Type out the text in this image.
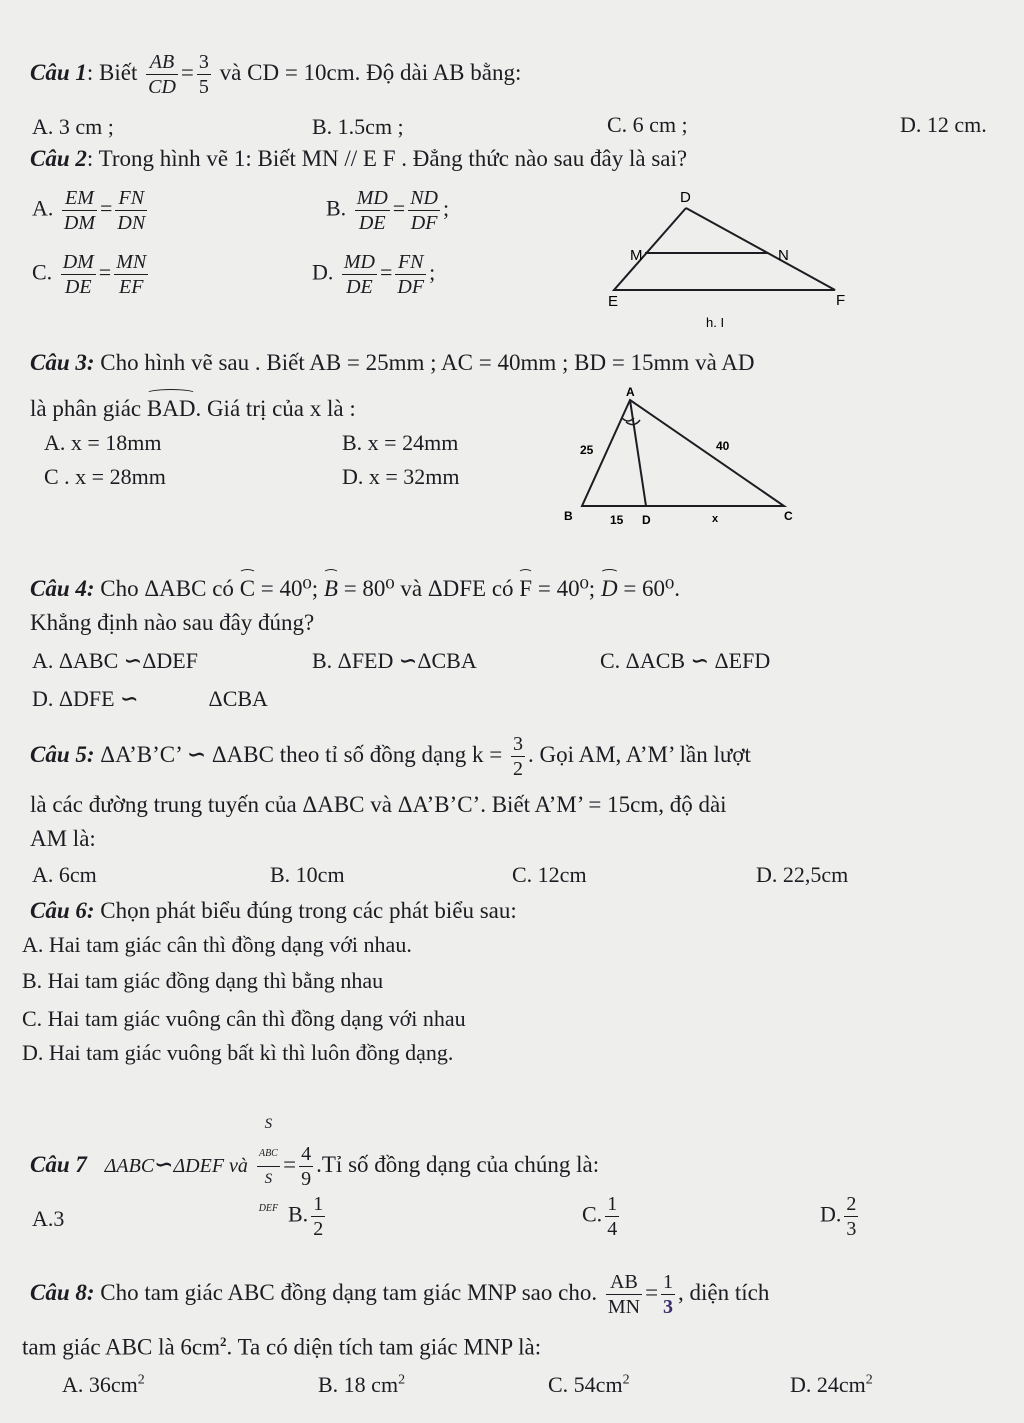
Câu 1: Biết $\frac{AB}{CD} = \frac{3}{5}$ và CD = 10cm. Độ dài AB bằng:
A. 3 cm ;	B. 1.5cm ;	C. 6 cm ;	D. 12 cm.
Câu 2: Trong hình vẽ 1: Biết MN // E F . Đẳng thức nào sau đây là sai?
A. $\frac{EM}{DM} = \frac{FN}{DN}$	B. $\frac{MD}{DE} = \frac{ND}{DF}$ ;
C. $\frac{DM}{DE} = \frac{MN}{EF}$	D. $\frac{MD}{DE} = \frac{FN}{DF}$ ;
D
M	N
E	F
h. I
Câu 3: Cho hình vẽ sau . Biết AB = 25mm ; AC = 40mm ; BD = 15mm và AD
là phân giác BAD. Giá trị của x là :
A. x = 18mm	B. x = 24mm
C . x = 28mm	D. x = 32mm
A
B	C
D
25	40
15	x
Câu 4: Cho ΔABC có C = 40⁰; B = 80⁰ và ΔDFE có F = 40⁰; D = 60⁰.
Khẳng định nào sau đây đúng?
A. ΔABC ∽ΔDEF	B. ΔFED ∽ΔCBA	C. ΔACB ∽ ΔEFD
D. ΔDFE ∽	ΔCBA
Câu 5: ΔA’B’C’ ∽ ΔABC theo tỉ số đồng dạng $k = \frac{3}{2}$ . Gọi AM, A’M’ lần lượt
là các đường trung tuyến của ΔABC và ΔA’B’C’. Biết A’M’ = 15cm, độ dài
AM là:
A. 6cm	B. 10cm	C. 12cm	D. 22,5cm
Câu 6: Chọn phát biểu đúng trong các phát biểu sau:
A. Hai tam giác cân thì đồng dạng với nhau.
B. Hai tam giác đồng dạng thì bằng nhau
C. Hai tam giác vuông cân thì đồng dạng với nhau
D. Hai tam giác vuông bất kì thì luôn đồng dạng.
Câu 7 ΔABC∽ΔDEF và S
$_{ABC}$
S
$_{DEF} = \frac{4}{9}$ .Tỉ số đồng dạng của chúng là:
A.3	B. $\frac{1}{2}$	C. $\frac{1}{4}$	D. $\frac{2}{3}$
Câu 8: Cho tam giác ABC đồng dạng tam giác MNP sao cho. $\frac{AB}{MN} = \frac{1}{3}$ , diện tích
tam giác ABC là $6cm^2$. Ta có diện tích tam giác MNP là:
A. $36cm^2$	B. 18 $cm^2$	C. $54cm^2$	D. $24cm^2$
